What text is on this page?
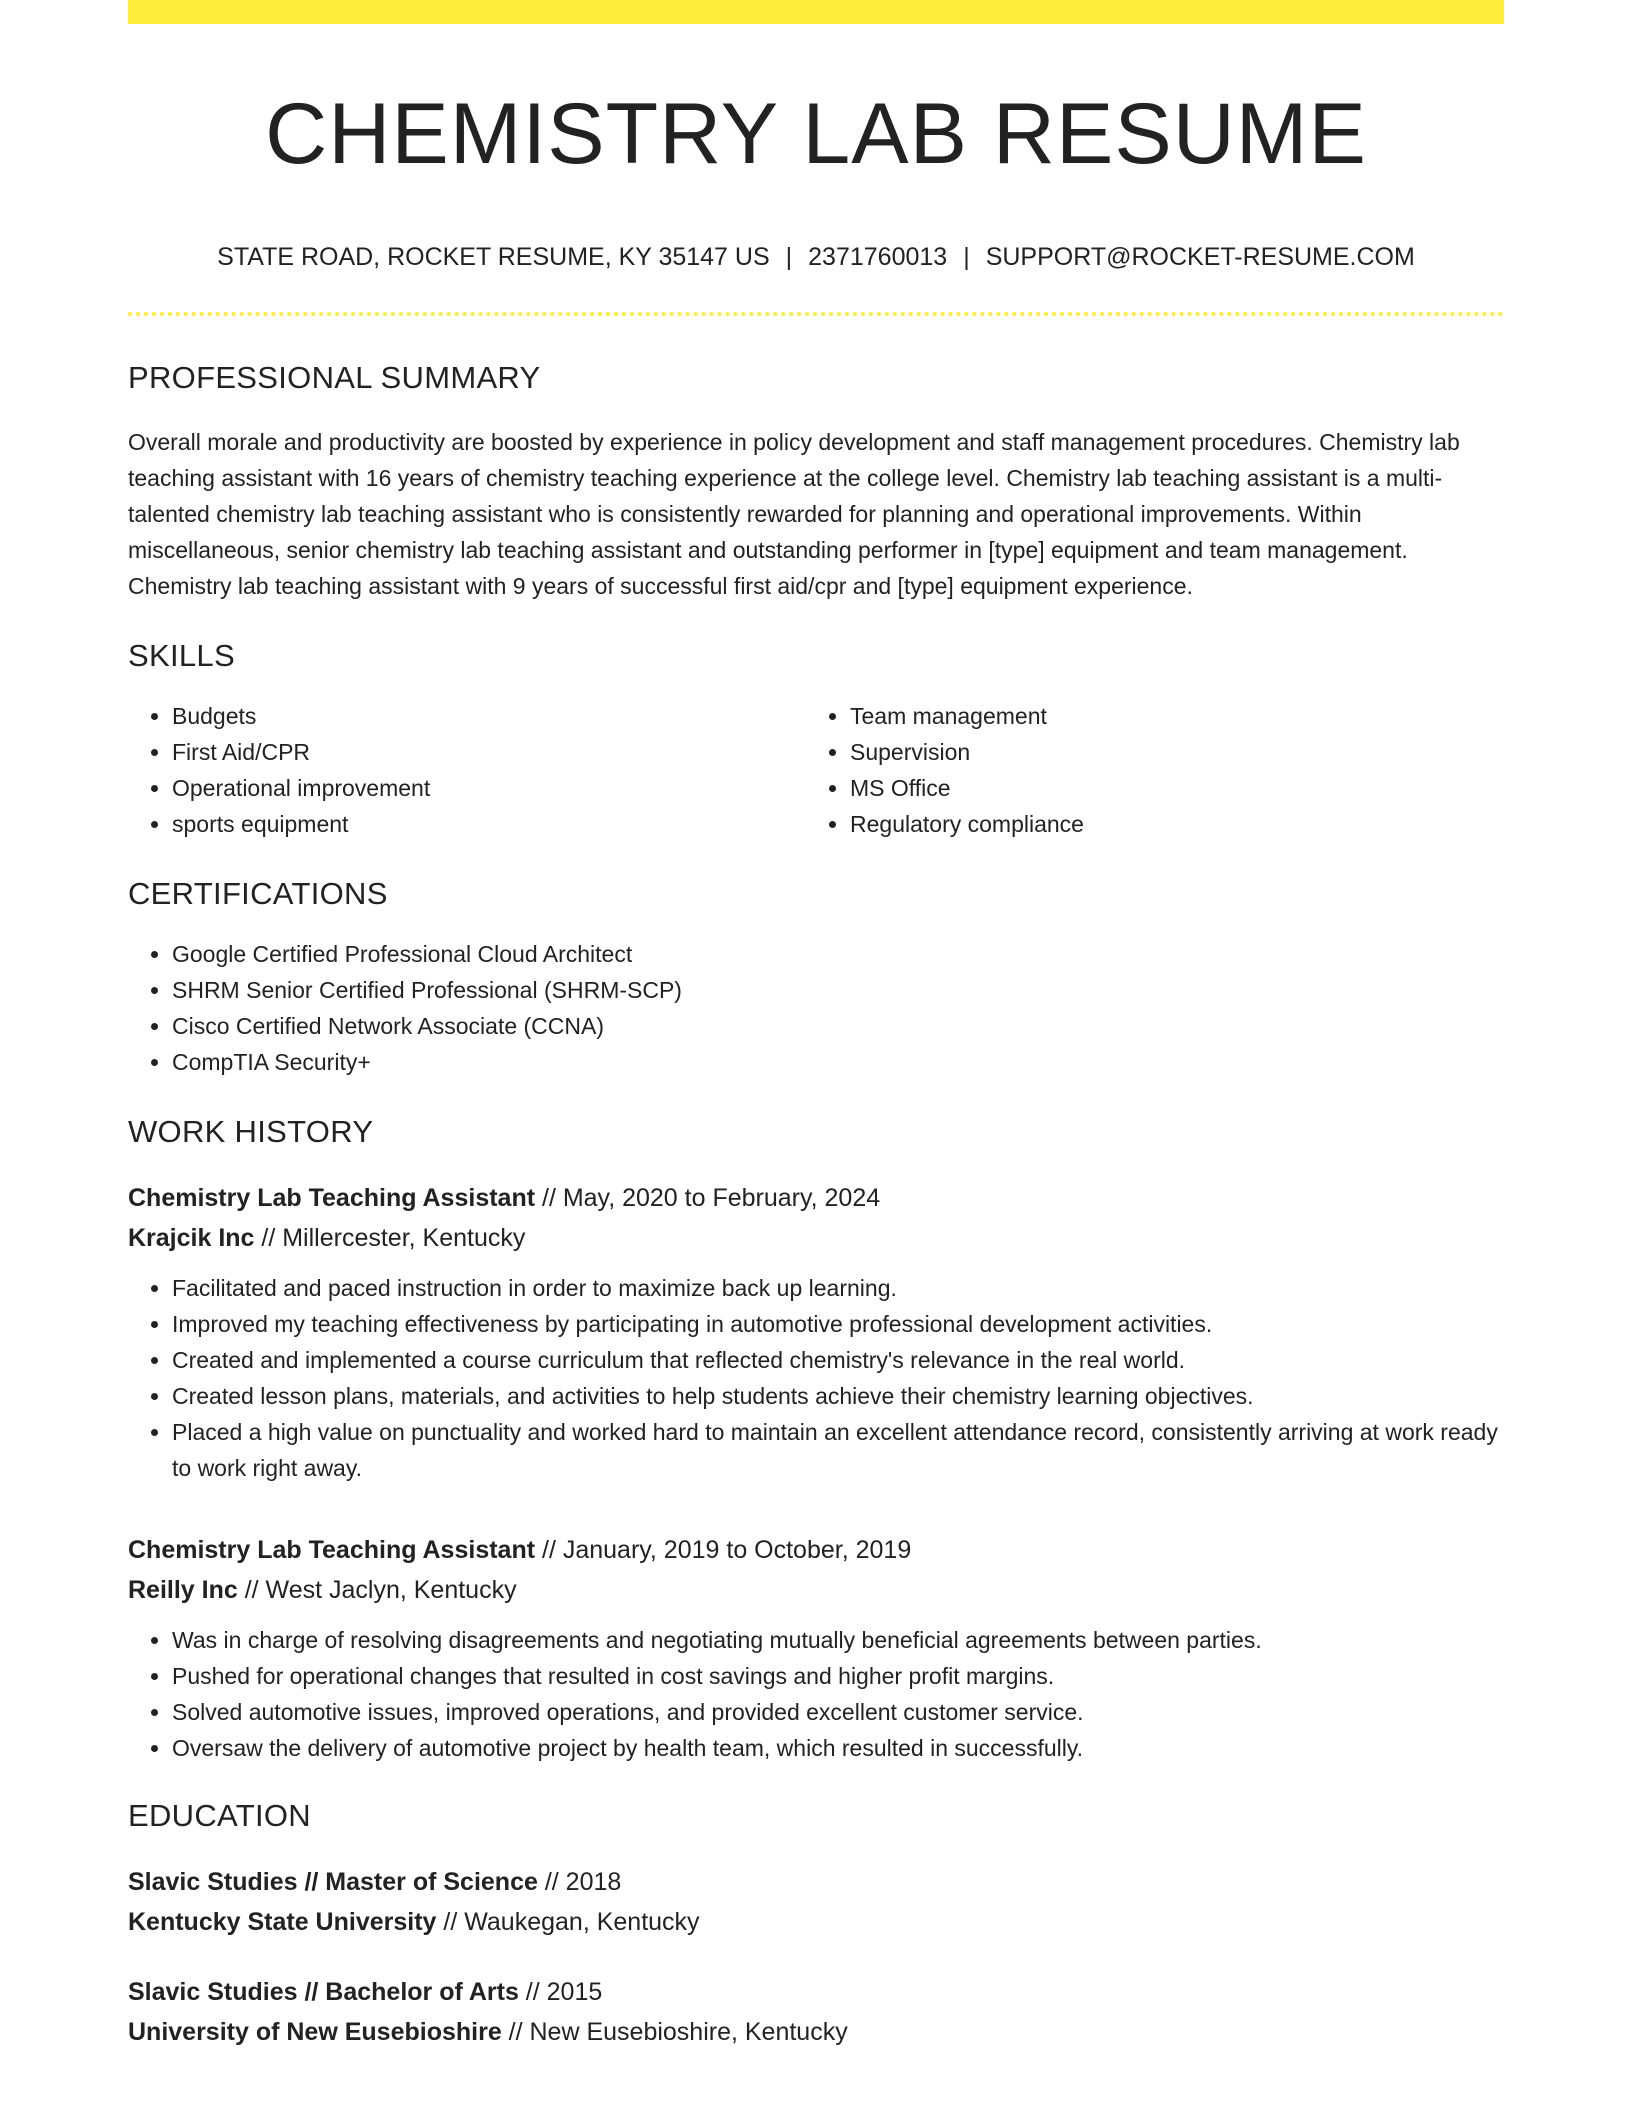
CHEMISTRY LAB RESUME
STATE ROAD, ROCKET RESUME, KY 35147 US | 2371760013 | SUPPORT@ROCKET-RESUME.COM
PROFESSIONAL SUMMARY

Overall morale and productivity are boosted by experience in policy development and staff management procedures. Chemistry lab teaching assistant with 16 years of chemistry teaching experience at the college level. Chemistry lab teaching assistant is a multi-talented chemistry lab teaching assistant who is consistently rewarded for planning and operational improvements. Within miscellaneous, senior chemistry lab teaching assistant and outstanding performer in [type] equipment and team management. Chemistry lab teaching assistant with 9 years of successful first aid/cpr and [type] equipment experience.

SKILLS
• Budgets
• First Aid/CPR
• Operational improvement
• sports equipment
• Team management
• Supervision
• MS Office
• Regulatory compliance
CERTIFICATIONS
• Google Certified Professional Cloud Architect
• SHRM Senior Certified Professional (SHRM-SCP)
• Cisco Certified Network Associate (CCNA)
• CompTIA Security+
WORK HISTORY
Chemistry Lab Teaching Assistant // May, 2020 to February, 2024
Krajcik Inc // Millercester, Kentucky
• Facilitated and paced instruction in order to maximize back up learning.
• Improved my teaching effectiveness by participating in automotive professional development activities.
• Created and implemented a course curriculum that reflected chemistry's relevance in the real world.
• Created lesson plans, materials, and activities to help students achieve their chemistry learning objectives.
• Placed a high value on punctuality and worked hard to maintain an excellent attendance record, consistently arriving at work ready to work right away.
Chemistry Lab Teaching Assistant // January, 2019 to October, 2019
Reilly Inc // West Jaclyn, Kentucky
• Was in charge of resolving disagreements and negotiating mutually beneficial agreements between parties.
• Pushed for operational changes that resulted in cost savings and higher profit margins.
• Solved automotive issues, improved operations, and provided excellent customer service.
• Oversaw the delivery of automotive project by health team, which resulted in successfully.
EDUCATION
Slavic Studies // Master of Science // 2018
Kentucky State University // Waukegan, Kentucky
Slavic Studies // Bachelor of Arts // 2015
University of New Eusebioshire // New Eusebioshire, Kentucky
